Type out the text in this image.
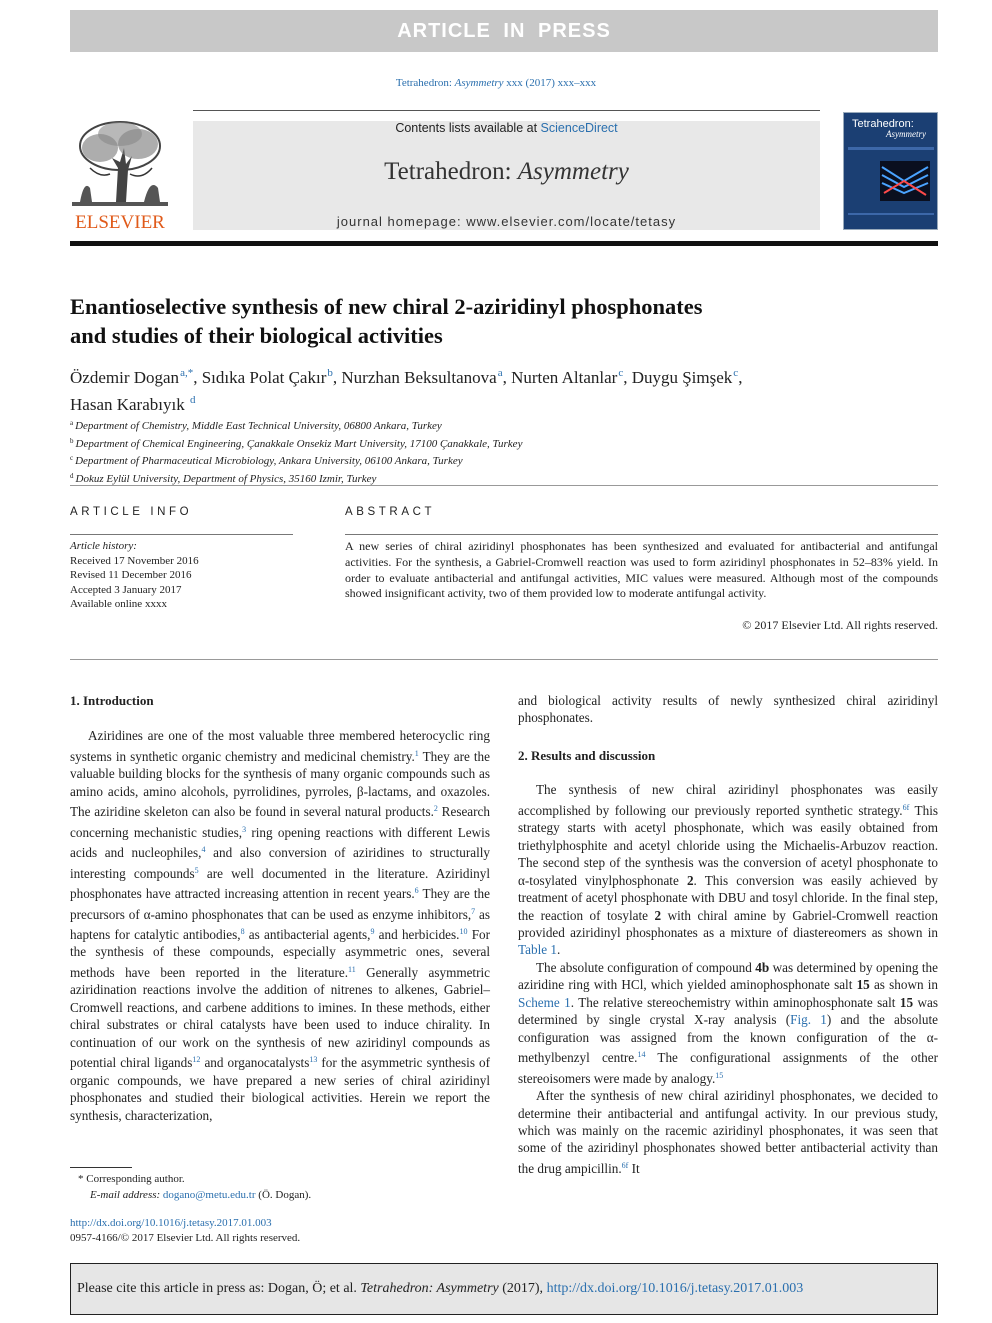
ARTICLE IN PRESS
Tetrahedron: Asymmetry xxx (2017) xxx–xxx
ELSEVIER
Contents lists available at ScienceDirect
Tetrahedron: Asymmetry
journal homepage: www.elsevier.com/locate/tetasy
Tetrahedron:
Asymmetry
Enantioselective synthesis of new chiral 2-aziridinyl phosphonates
and studies of their biological activities
Özdemir Dogan$^{a,*}$, Sıdıka Polat Çakır$^b$, Nurzhan Beksultanova$^a$, Nurten Altanlar$^c$, Duygu Şimşek$^c$,
Hasan Karabıyık $^d$
$^a$ Department of Chemistry, Middle East Technical University, 06800 Ankara, Turkey
$^b$ Department of Chemical Engineering, Çanakkale Onsekiz Mart University, 17100 Çanakkale, Turkey
$^c$ Department of Pharmaceutical Microbiology, Ankara University, 06100 Ankara, Turkey
$^d$ Dokuz Eylül University, Department of Physics, 35160 Izmir, Turkey
ARTICLE INFO
Article history:
Received 17 November 2016
Revised 11 December 2016
Accepted 3 January 2017
Available online xxxx
ABSTRACT
A new series of chiral aziridinyl phosphonates has been synthesized and evaluated for antibacterial and antifungal activities. For the synthesis, a Gabriel-Cromwell reaction was used to form aziridinyl phosphonates in 52–83% yield. In order to evaluate antibacterial and antifungal activities, MIC values were measured. Although most of the compounds showed insignificant activity, two of them provided low to moderate antifungal activity.
© 2017 Elsevier Ltd. All rights reserved.
1. Introduction

Aziridines are one of the most valuable three membered heterocyclic ring systems in synthetic organic chemistry and medicinal chemistry.$^1$ They are the valuable building blocks for the synthesis of many organic compounds such as amino acids, amino alcohols, pyrrolidines, pyrroles, β-lactams, and oxazoles. The aziridine skeleton can also be found in several natural products.$^2$ Research concerning mechanistic studies,$^3$ ring opening reactions with different Lewis acids and nucleophiles,$^4$ and also conversion of aziridines to structurally interesting compounds$^5$ are well documented in the literature. Aziridinyl phosphonates have attracted increasing attention in recent years.$^6$ They are the precursors of α-amino phosphonates that can be used as enzyme inhibitors,$^7$ as haptens for catalytic antibodies,$^8$ as antibacterial agents,$^9$ and herbicides.$^{10}$ For the synthesis of these compounds, especially asymmetric ones, several methods have been reported in the literature.$^{11}$ Generally asymmetric aziridination reactions involve the addition of nitrenes to alkenes, Gabriel–Cromwell reactions, and carbene additions to imines. In these methods, either chiral substrates or chiral catalysts have been used to induce chirality. In continuation of our work on the synthesis of new aziridinyl compounds as potential chiral ligands$^{12}$ and organocatalysts$^{13}$ for the asymmetric synthesis of organic compounds, we have prepared a new series of chiral aziridinyl phosphonates and studied their biological activities. Herein we report the synthesis, characterization,

and biological activity results of newly synthesized chiral aziridinyl phosphonates.
2. Results and discussion

The synthesis of new chiral aziridinyl phosphonates was easily accomplished by following our previously reported synthetic strategy.$^{6f}$ This strategy starts with acetyl phosphonate, which was easily obtained from triethylphosphite and acetyl chloride using the Michaelis-Arbuzov reaction. The second step of the synthesis was the conversion of acetyl phosphonate to α-tosylated vinylphosphonate 2. This conversion was easily achieved by treatment of acetyl phosphonate with DBU and tosyl chloride. In the final step, the reaction of tosylate 2 with chiral amine by Gabriel-Cromwell reaction provided aziridinyl phosphonates as a mixture of diastereomers as shown in Table 1.

The absolute configuration of compound 4b was determined by opening the aziridine ring with HCl, which yielded aminophosphonate salt 15 as shown in Scheme 1. The relative stereochemistry within aminophosphonate salt 15 was determined by single crystal X-ray analysis (Fig. 1) and the absolute configuration was assigned from the known configuration of the α-methylbenzyl centre.$^{14}$ The configurational assignments of the other stereoisomers were made by analogy.$^{15}$

After the synthesis of new chiral aziridinyl phosphonates, we decided to determine their antibacterial and antifungal activity. In our previous study, which was mainly on the racemic aziridinyl phosphonates, it was seen that some of the aziridinyl phosphonates showed better antibacterial activity than the drug ampicillin.$^{6f}$ It

* Corresponding author.
E-mail address: dogano@metu.edu.tr (Ö. Dogan).
http://dx.doi.org/10.1016/j.tetasy.2017.01.003
0957-4166/© 2017 Elsevier Ltd. All rights reserved.
Please cite this article in press as: Dogan, Ö; et al. Tetrahedron: Asymmetry (2017), http://dx.doi.org/10.1016/j.tetasy.2017.01.003
